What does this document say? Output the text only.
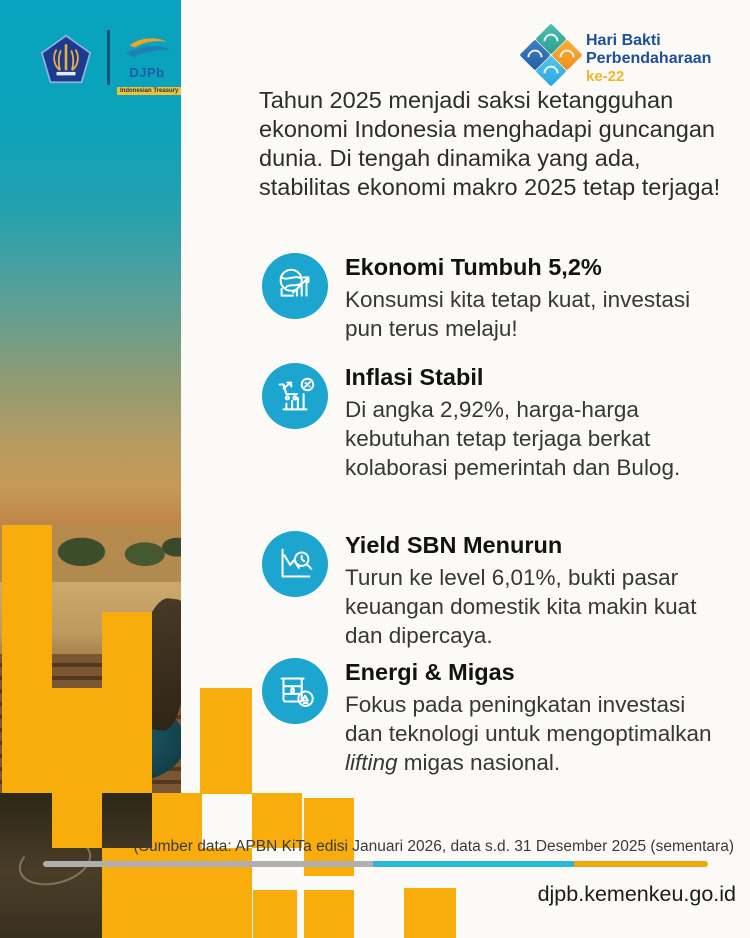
DJPb
Indonesian Treasury
Hari Bakti
Perbendaharaan
ke-22
Tahun 2025 menjadi saksi ketangguhan ekonomi Indonesia menghadapi guncangan dunia. Di tengah dinamika yang ada, stabilitas ekonomi makro 2025 tetap terjaga!
Ekonomi Tumbuh 5,2%
Konsumsi kita tetap kuat, investasi pun terus melaju!
Inflasi Stabil
Di angka 2,92%, harga-harga kebutuhan tetap terjaga berkat kolaborasi pemerintah dan Bulog.
Yield SBN Menurun
Turun ke level 6,01%, bukti pasar keuangan domestik kita makin kuat dan dipercaya.
Energi & Migas
Fokus pada peningkatan investasi dan teknologi untuk mengoptimalkan lifting migas nasional.
(Sumber data: APBN KiTa edisi Januari 2026, data s.d. 31 Desember 2025 (sementara)
djpb.kemenkeu.go.id
